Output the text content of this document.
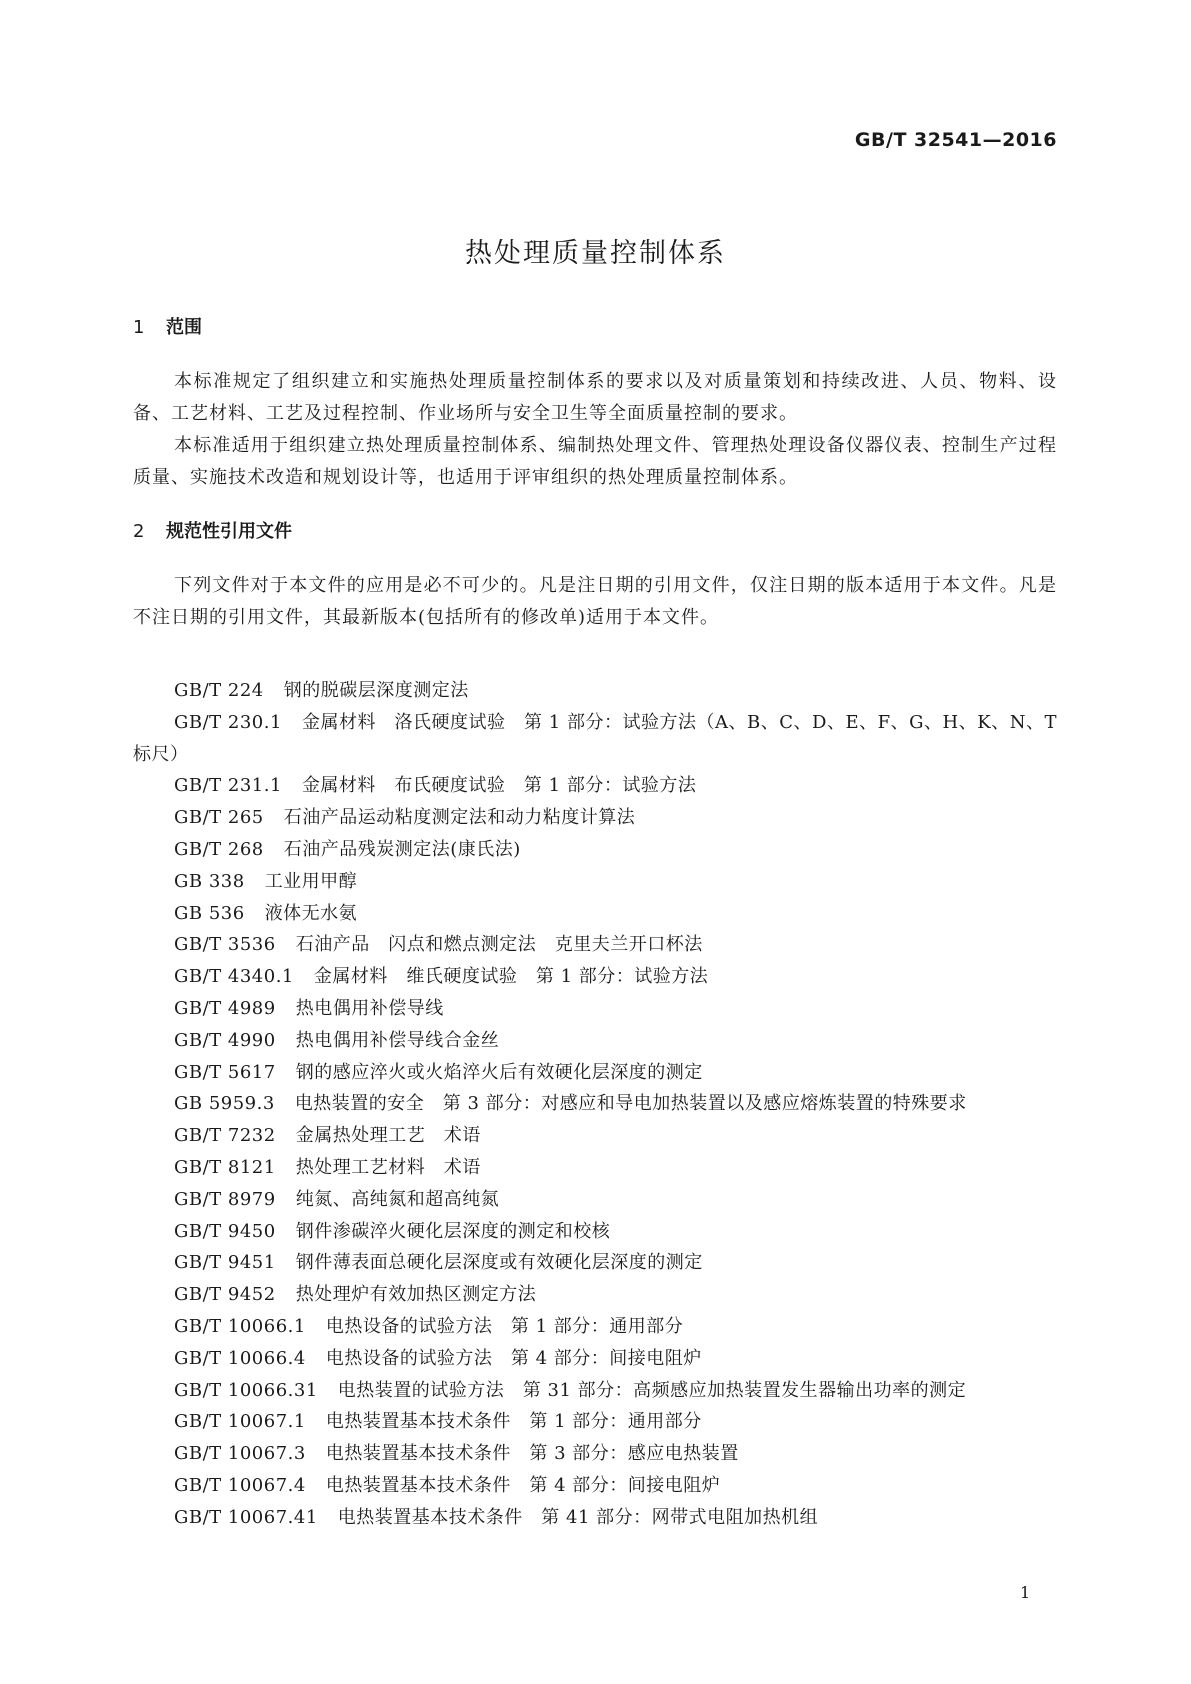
GB/T 32541—2016
热处理质量控制体系
1 范围

本标准规定了组织建立和实施热处理质量控制体系的要求以及对质量策划和持续改进、人员、物料、设备、工艺材料、工艺及过程控制、作业场所与安全卫生等全面质量控制的要求。

本标准适用于组织建立热处理质量控制体系、编制热处理文件、管理热处理设备仪器仪表、控制生产过程质量、实施技术改造和规划设计等，也适用于评审组织的热处理质量控制体系。

2 规范性引用文件

下列文件对于本文件的应用是必不可少的。凡是注日期的引用文件，仅注日期的版本适用于本文件。凡是不注日期的引用文件，其最新版本(包括所有的修改单)适用于本文件。

GB/T 224 钢的脱碳层深度测定法
GB/T 230.1 金属材料　洛氏硬度试验　第 1 部分：试验方法（A、B、C、D、E、F、G、H、K、N、T 标尺）
GB/T 231.1 金属材料　布氏硬度试验　第 1 部分：试验方法
GB/T 265 石油产品运动粘度测定法和动力粘度计算法
GB/T 268 石油产品残炭测定法(康氏法)
GB 338 工业用甲醇
GB 536 液体无水氨
GB/T 3536 石油产品　闪点和燃点测定法　克里夫兰开口杯法
GB/T 4340.1 金属材料　维氏硬度试验　第 1 部分：试验方法
GB/T 4989 热电偶用补偿导线
GB/T 4990 热电偶用补偿导线合金丝
GB/T 5617 钢的感应淬火或火焰淬火后有效硬化层深度的测定
GB 5959.3 电热装置的安全　第 3 部分：对感应和导电加热装置以及感应熔炼装置的特殊要求
GB/T 7232 金属热处理工艺　术语
GB/T 8121 热处理工艺材料　术语
GB/T 8979 纯氮、高纯氮和超高纯氮
GB/T 9450 钢件渗碳淬火硬化层深度的测定和校核
GB/T 9451 钢件薄表面总硬化层深度或有效硬化层深度的测定
GB/T 9452 热处理炉有效加热区测定方法
GB/T 10066.1 电热设备的试验方法　第 1 部分：通用部分
GB/T 10066.4 电热设备的试验方法　第 4 部分：间接电阻炉
GB/T 10066.31 电热装置的试验方法　第 31 部分：高频感应加热装置发生器输出功率的测定
GB/T 10067.1 电热装置基本技术条件　第 1 部分：通用部分
GB/T 10067.3 电热装置基本技术条件　第 3 部分：感应电热装置
GB/T 10067.4 电热装置基本技术条件　第 4 部分：间接电阻炉
GB/T 10067.41 电热装置基本技术条件　第 41 部分：网带式电阻加热机组
1
